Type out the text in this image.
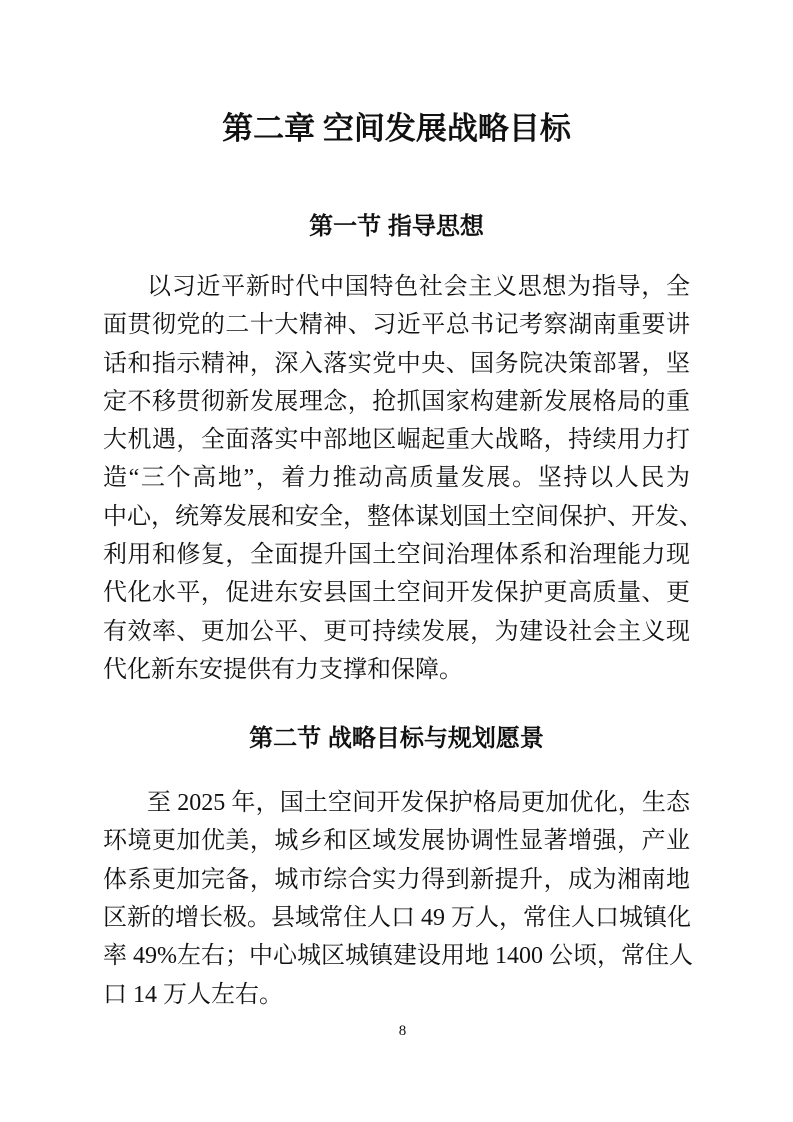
第二章 空间发展战略目标
第一节 指导思想
以习近平新时代中国特色社会主义思想为指导，全
面贯彻党的二十大精神、习近平总书记考察湖南重要讲
话和指示精神，深入落实党中央、国务院决策部署，坚
定不移贯彻新发展理念，抢抓国家构建新发展格局的重
大机遇，全面落实中部地区崛起重大战略，持续用力打
造“三个高地”，着力推动高质量发展。坚持以人民为
中心，统筹发展和安全，整体谋划国土空间保护、开发、
利用和修复，全面提升国土空间治理体系和治理能力现
代化水平，促进东安县国土空间开发保护更高质量、更
有效率、更加公平、更可持续发展，为建设社会主义现
代化新东安提供有力支撑和保障。
第二节 战略目标与规划愿景
至 2025 年，国土空间开发保护格局更加优化，生态
环境更加优美，城乡和区域发展协调性显著增强，产业
体系更加完备，城市综合实力得到新提升，成为湘南地
区新的增长极。县域常住人口 49 万人，常住人口城镇化
率 49%左右；中心城区城镇建设用地 1400 公顷，常住人
口 14 万人左右。
8
